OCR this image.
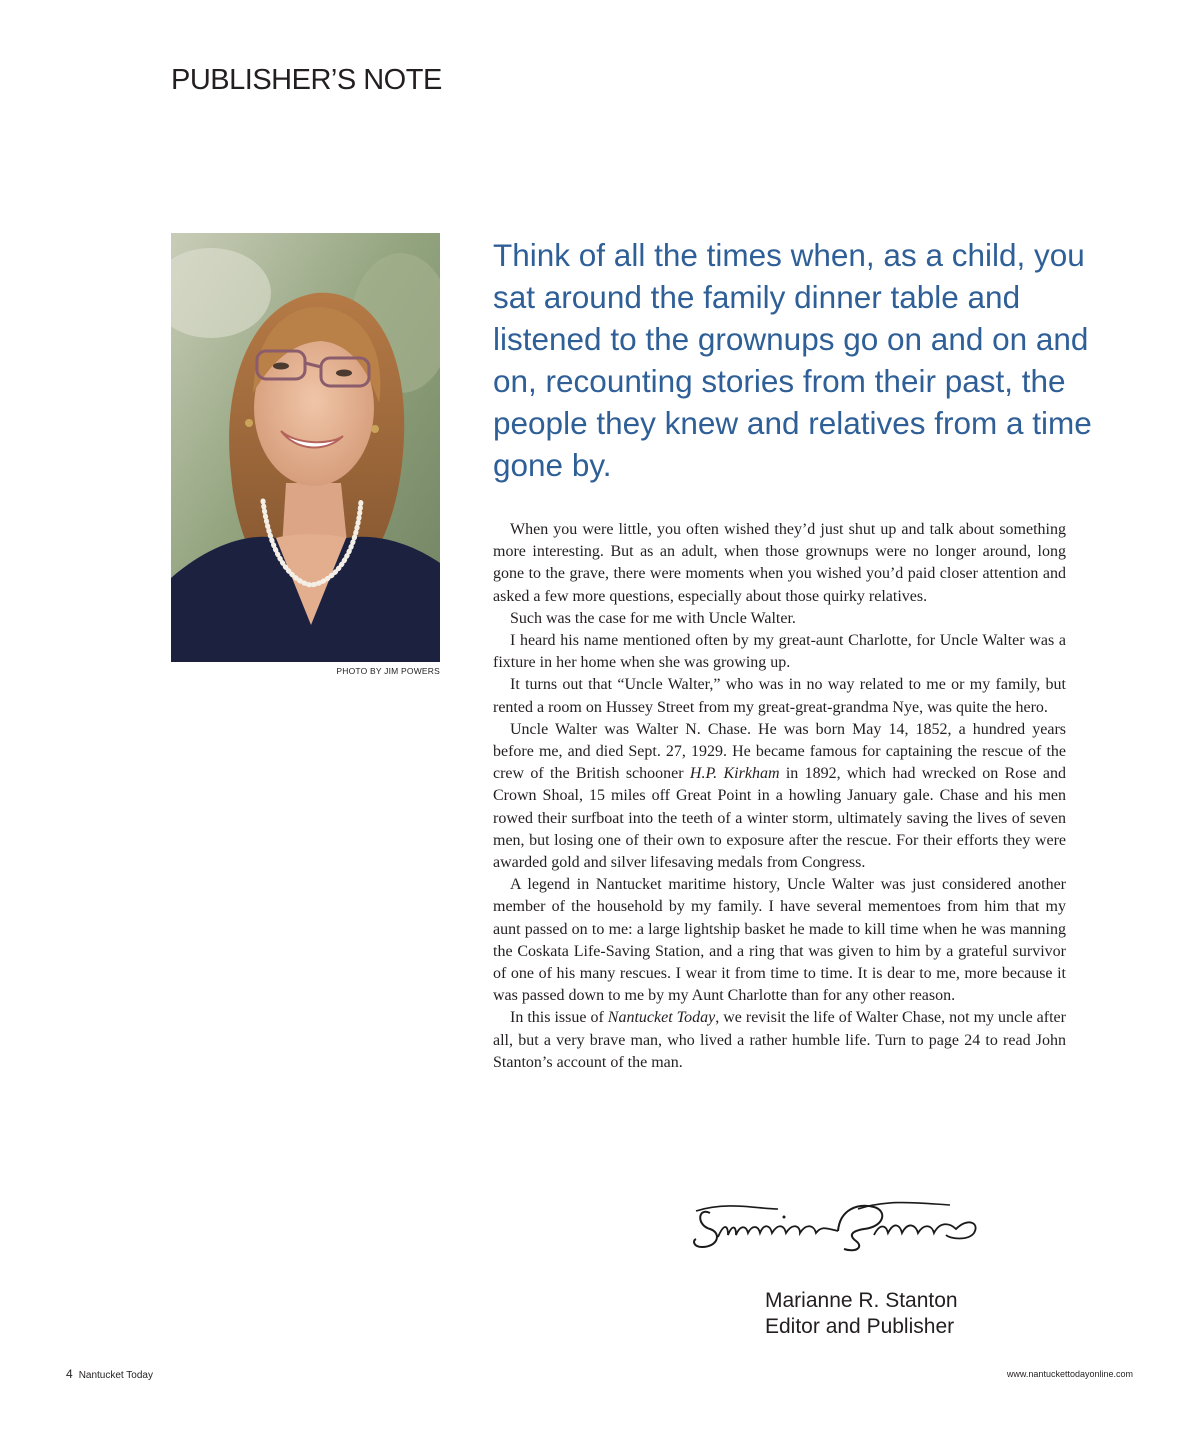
PUBLISHER’S NOTE
PHOTO BY JIM POWERS
Think of all the times when, as a child, you sat around the family dinner table and listened to the grownups go on and on and on, recounting stories from their past, the people they knew and relatives from a time gone by.

When you were little, you often wished they’d just shut up and talk about something more interesting. But as an adult, when those grownups were no longer around, long gone to the grave, there were moments when you wished you’d paid closer attention and asked a few more questions, especially about those quirky relatives.

Such was the case for me with Uncle Walter.

I heard his name mentioned often by my great-aunt Charlotte, for Uncle Walter was a fixture in her home when she was growing up.

It turns out that “Uncle Walter,” who was in no way related to me or my family, but rented a room on Hussey Street from my great-great-grandma Nye, was quite the hero.

Uncle Walter was Walter N. Chase. He was born May 14, 1852, a hundred years before me, and died Sept. 27, 1929. He became famous for captaining the rescue of the crew of the British schooner H.P. Kirkham in 1892, which had wrecked on Rose and Crown Shoal, 15 miles off Great Point in a howling January gale. Chase and his men rowed their surfboat into the teeth of a winter storm, ultimately saving the lives of seven men, but losing one of their own to exposure after the rescue. For their efforts they were awarded gold and silver lifesaving medals from Congress.

A legend in Nantucket maritime history, Uncle Walter was just considered another member of the household by my family. I have several mementoes from him that my aunt passed on to me: a large lightship basket he made to kill time when he was manning the Coskata Life-Saving Station, and a ring that was given to him by a grateful survivor of one of his many rescues. I wear it from time to time. It is dear to me, more because it was passed down to me by my Aunt Charlotte than for any other reason.

In this issue of Nantucket Today, we revisit the life of Walter Chase, not my uncle after all, but a very brave man, who lived a rather humble life. Turn to page 24 to read John Stanton’s account of the man.

Marianne R. Stanton
Editor and Publisher
4 Nantucket Today	www.nantuckettodayonline.com
